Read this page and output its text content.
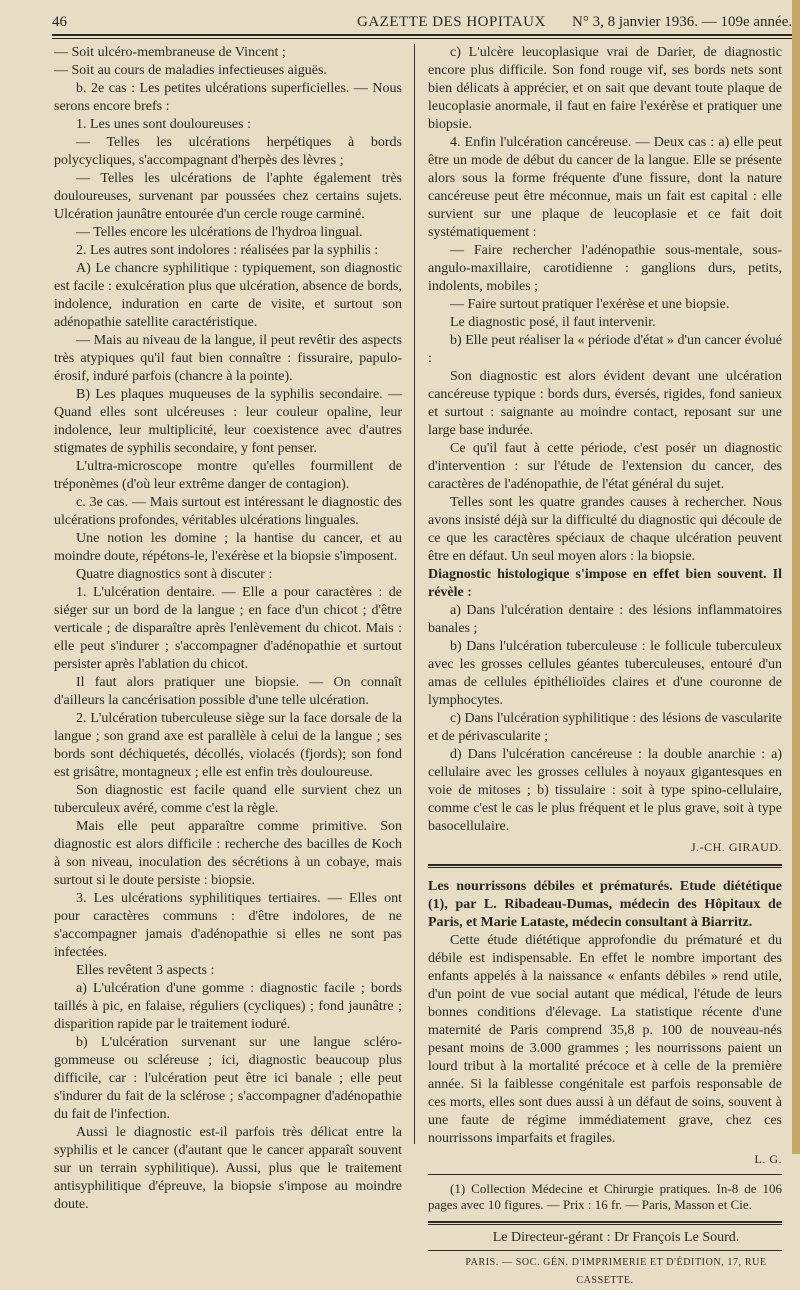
46	GAZETTE DES HOPITAUX N° 3, 8 janvier 1936. — 109e année.

— Soit ulcéro-membraneuse de Vincent ;

— Soit au cours de maladies infectieuses aiguës.

b. 2e cas : Les petites ulcérations superficielles. — Nous serons encore brefs :

1. Les unes sont douloureuses :

— Telles les ulcérations herpétiques à bords polycycliques, s'accompagnant d'herpès des lèvres ;

— Telles les ulcérations de l'aphte également très douloureuses, survenant par poussées chez certains sujets. Ulcération jaunâtre entourée d'un cercle rouge carminé.

— Telles encore les ulcérations de l'hydroa lingual.

2. Les autres sont indolores : réalisées par la syphilis :

A) Le chancre syphilitique : typiquement, son diagnostic est facile : exulcération plus que ulcération, absence de bords, indolence, induration en carte de visite, et surtout son adénopathie satellite caractéristique.

— Mais au niveau de la langue, il peut revêtir des aspects très atypiques qu'il faut bien connaître : fissuraire, papulo-érosif, induré parfois (chancre à la pointe).

B) Les plaques muqueuses de la syphilis secondaire. — Quand elles sont ulcéreuses : leur couleur opaline, leur indolence, leur multiplicité, leur coexistence avec d'autres stigmates de syphilis secondaire, y font penser.

L'ultra-microscope montre qu'elles fourmillent de tréponèmes (d'où leur extrême danger de contagion).

c. 3e cas. — Mais surtout est intéressant le diagnostic des ulcérations profondes, véritables ulcérations linguales.

Une notion les domine ; la hantise du cancer, et au moindre doute, répétons-le, l'exérèse et la biopsie s'imposent.

Quatre diagnostics sont à discuter :

1. L'ulcération dentaire. — Elle a pour caractères : de siéger sur un bord de la langue ; en face d'un chicot ; d'être verticale ; de disparaître après l'enlèvement du chicot. Mais : elle peut s'indurer ; s'accompagner d'adénopathie et surtout persister après l'ablation du chicot.

Il faut alors pratiquer une biopsie. — On connaît d'ailleurs la cancérisation possible d'une telle ulcération.

2. L'ulcération tuberculeuse siège sur la face dorsale de la langue ; son grand axe est parallèle à celui de la langue ; ses bords sont déchiquetés, décollés, violacés (fjords); son fond est grisâtre, montagneux ; elle est enfin très douloureuse.

Son diagnostic est facile quand elle survient chez un tuberculeux avéré, comme c'est la règle.

Mais elle peut apparaître comme primitive. Son diagnostic est alors difficile : recherche des bacilles de Koch à son niveau, inoculation des sécrétions à un cobaye, mais surtout si le doute persiste : biopsie.

3. Les ulcérations syphilitiques tertiaires. — Elles ont pour caractères communs : d'être indolores, de ne s'accompagner jamais d'adénopathie si elles ne sont pas infectées.

Elles revêtent 3 aspects :

a) L'ulcération d'une gomme : diagnostic facile ; bords taillés à pic, en falaise, réguliers (cycliques) ; fond jaunâtre ; disparition rapide par le traitement ioduré.

b) L'ulcération survenant sur une langue scléro-gommeuse ou scléreuse ; ici, diagnostic beaucoup plus difficile, car : l'ulcération peut être ici banale ; elle peut s'indurer du fait de la sclérose ; s'accompagner d'adénopathie du fait de l'infection.

Aussi le diagnostic est-il parfois très délicat entre la syphilis et le cancer (d'autant que le cancer apparaît souvent sur un terrain syphilitique). Aussi, plus que le traitement antisyphilitique d'épreuve, la biopsie s'impose au moindre doute.

c) L'ulcère leucoplasique vrai de Darier, de diagnostic encore plus difficile. Son fond rouge vif, ses bords nets sont bien délicats à apprécier, et on sait que devant toute plaque de leucoplasie anormale, il faut en faire l'exérèse et pratiquer une biopsie.

4. Enfin l'ulcération cancéreuse. — Deux cas : a) elle peut être un mode de début du cancer de la langue. Elle se présente alors sous la forme fréquente d'une fissure, dont la nature cancéreuse peut être méconnue, mais un fait est capital : elle survient sur une plaque de leucoplasie et ce fait doit systématiquement :

— Faire rechercher l'adénopathie sous-mentale, sous-angulo-maxillaire, carotidienne : ganglions durs, petits, indolents, mobiles ;

— Faire surtout pratiquer l'exérèse et une biopsie.

Le diagnostic posé, il faut intervenir.

b) Elle peut réaliser la « période d'état » d'un cancer évolué :

Son diagnostic est alors évident devant une ulcération cancéreuse typique : bords durs, éversés, rigides, fond sanieux et surtout : saignante au moindre contact, reposant sur une large base indurée.

Ce qu'il faut à cette période, c'est posér un diagnostic d'intervention : sur l'étude de l'extension du cancer, des caractères de l'adénopathie, de l'état général du sujet.

Telles sont les quatre grandes causes à rechercher. Nous avons insisté déjà sur la difficulté du diagnostic qui découle de ce que les caractères spéciaux de chaque ulcération peuvent être en défaut. Un seul moyen alors : la biopsie.

Diagnostic histologique s'impose en effet bien souvent. Il révèle :

a) Dans l'ulcération dentaire : des lésions inflammatoires banales ;

b) Dans l'ulcération tuberculeuse : le follicule tuberculeux avec les grosses cellules géantes tuberculeuses, entouré d'un amas de cellules épithélioïdes claires et d'une couronne de lymphocytes.

c) Dans l'ulcération syphilitique : des lésions de vascularite et de périvascularite ;

d) Dans l'ulcération cancéreuse : la double anarchie : a) cellulaire avec les grosses cellules à noyaux gigantesques en voie de mitoses ; b) tissulaire : soit à type spino-cellulaire, comme c'est le cas le plus fréquent et le plus grave, soit à type basocellulaire.

J.-CH. GIRAUD.

Les nourrissons débiles et prématurés. Etude diététique (1), par L. Ribadeau-Dumas, médecin des Hôpitaux de Paris, et Marie Lataste, médecin consultant à Biarritz.

Cette étude diététique approfondie du prématuré et du débile est indispensable. En effet le nombre important des enfants appelés à la naissance « enfants débiles » rend utile, d'un point de vue social autant que médical, l'étude de leurs bonnes conditions d'élevage. La statistique récente d'une maternité de Paris comprend 35,8 p. 100 de nouveau-nés pesant moins de 3.000 grammes ; les nourrissons paient un lourd tribut à la mortalité précoce et à celle de la première année. Si la faiblesse congénitale est parfois responsable de ces morts, elles sont dues aussi à un défaut de soins, souvent à une faute de régime immédiatement grave, chez ces nourrissons imparfaits et fragiles.

L. G.

(1) Collection Médecine et Chirurgie pratiques. In-8 de 106 pages avec 10 figures. — Prix : 16 fr. — Paris, Masson et Cie.

Le Directeur-gérant : Dr François Le Sourd.

PARIS. — SOC. GÉN. D'IMPRIMERIE ET D'ÉDITION, 17, RUE CASSETTE.
